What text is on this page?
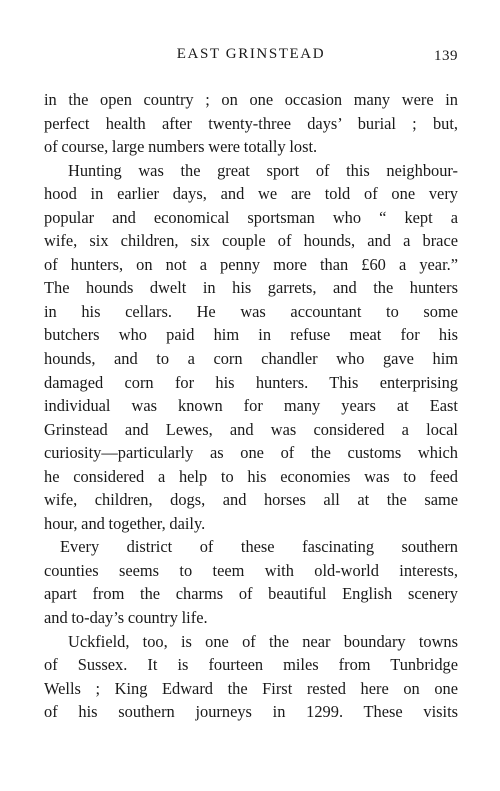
EAST GRINSTEAD	139
in the open country ; on one occasion many were in
perfect health after twenty-three days’ burial ; but,
of course, large numbers were totally lost.
Hunting was the great sport of this neighbour-
hood in earlier days, and we are told of one very
popular and economical sportsman who “ kept a
wife, six children, six couple of hounds, and a brace
of hunters, on not a penny more than £60 a year.”
The hounds dwelt in his garrets, and the hunters
in his cellars. He was accountant to some
butchers who paid him in refuse meat for his
hounds, and to a corn chandler who gave him
damaged corn for his hunters. This enterprising
individual was known for many years at East
Grinstead and Lewes, and was considered a local
curiosity—particularly as one of the customs which
he considered a help to his economies was to feed
wife, children, dogs, and horses all at the same
hour, and together, daily.
Every district of these fascinating southern
counties seems to teem with old-world interests,
apart from the charms of beautiful English scenery
and to-day’s country life.
Uckfield, too, is one of the near boundary towns
of Sussex. It is fourteen miles from Tunbridge
Wells ; King Edward the First rested here on one
of his southern journeys in 1299. These visits
